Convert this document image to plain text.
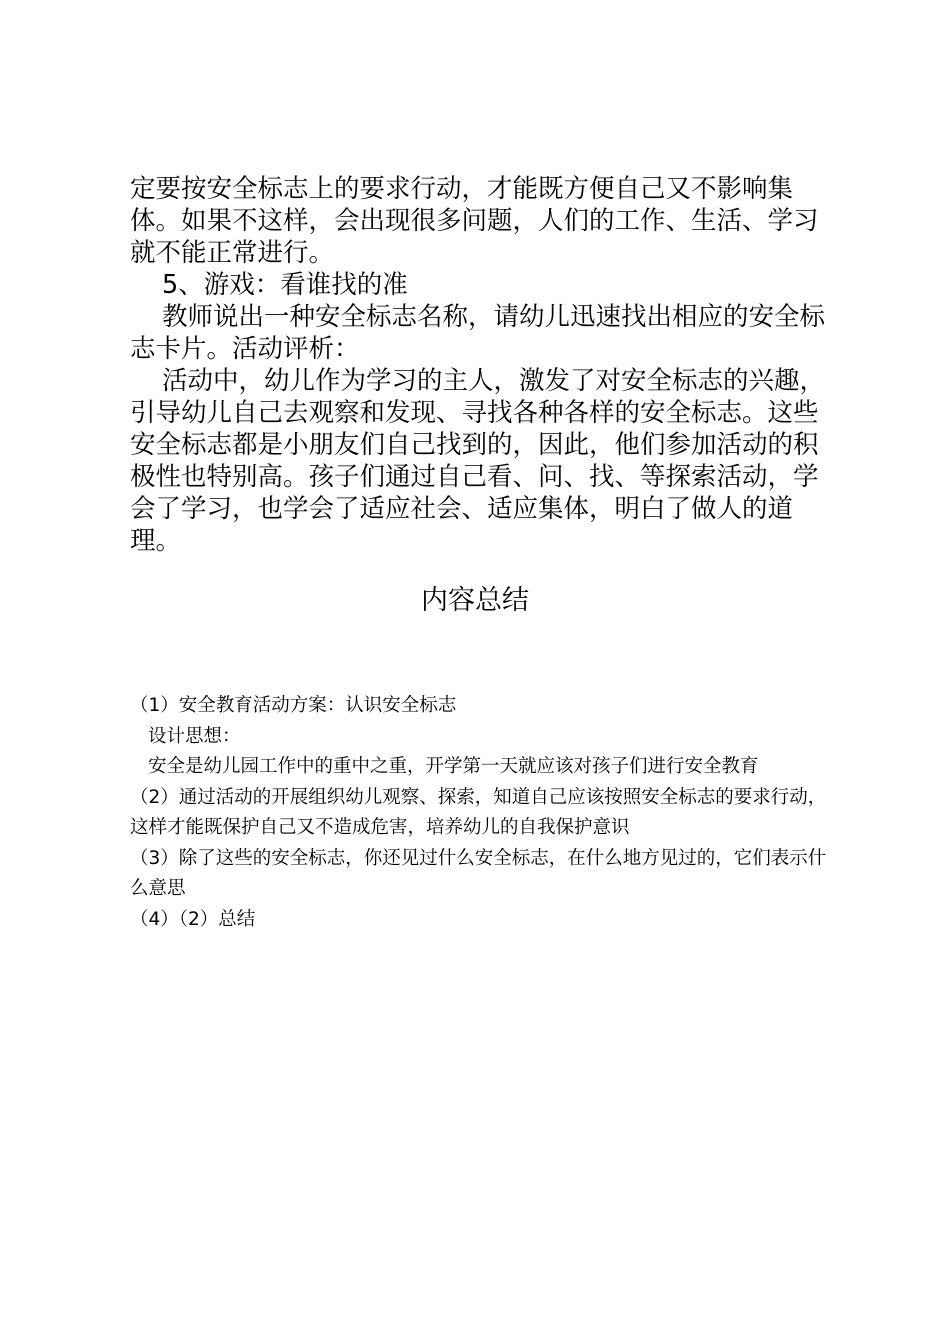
定要按安全标志上的要求行动，才能既方便自己又不影响集体。如果不这样，会出现很多问题，人们的工作、生活、学习就不能正常进行。

5、游戏：看谁找的准

教师说出一种安全标志名称，请幼儿迅速找出相应的安全标志卡片。活动评析：

活动中，幼儿作为学习的主人，激发了对安全标志的兴趣，引导幼儿自己去观察和发现、寻找各种各样的安全标志。这些安全标志都是小朋友们自己找到的，因此，他们参加活动的积极性也特别高。孩子们通过自己看、问、找、等探索活动，学会了学习，也学会了适应社会、适应集体，明白了做人的道理。

内容总结

（1）安全教育活动方案：认识安全标志

设计思想：

安全是幼儿园工作中的重中之重，开学第一天就应该对孩子们进行安全教育

（2）通过活动的开展组织幼儿观察、探索，知道自己应该按照安全标志的要求行动，这样才能既保护自己又不造成危害，培养幼儿的自我保护意识

（3）除了这些的安全标志，你还见过什么安全标志，在什么地方见过的，它们表示什么意思

（4）（2）总结
